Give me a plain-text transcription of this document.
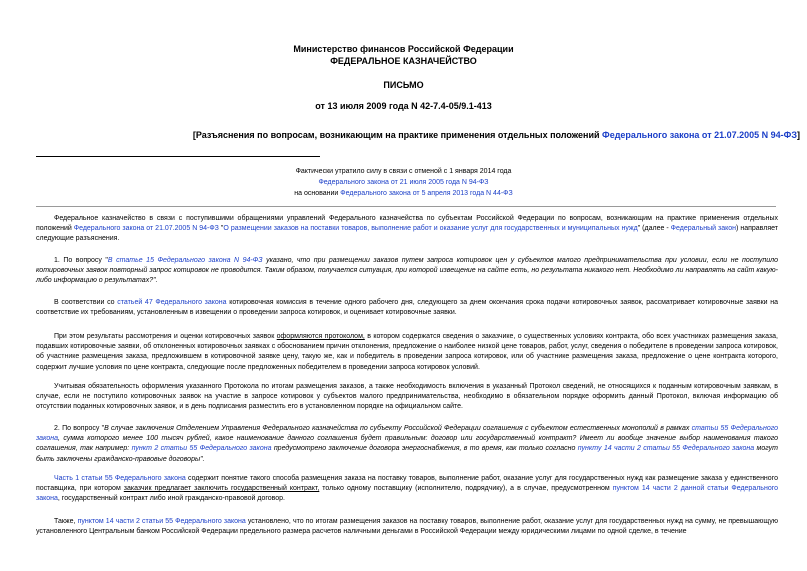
Министерство финансов Российской Федерации
ФЕДЕРАЛЬНОЕ КАЗНАЧЕЙСТВО
ПИСЬМО
от 13 июля 2009 года N 42-7.4-05/9.1-413
[Разъяснения по вопросам, возникающим на практике применения отдельных положений Федерального закона от 21.07.2005 N 94-ФЗ]
Фактически утратило силу в связи с отменой с 1 января 2014 года
Федерального закона от 21 июля 2005 года N 94-ФЗ
на основании Федерального закона от 5 апреля 2013 года N 44-ФЗ

Федеральное казначейство в связи с поступившими обращениями управлений Федерального казначейства по субъектам Российской Федерации по вопросам, возникающим на практике применения отдельных положений Федерального закона от 21.07.2005 N 94-ФЗ "О размещении заказов на поставки товаров, выполнение работ и оказание услуг для государственных и муниципальных нужд" (далее - Федеральный закон) направляет следующие разъяснения.

1. По вопросу "В статье 15 Федерального закона N 94-ФЗ указано, что при размещении заказов путем запроса котировок цен у субъектов малого предпринимательства при условии, если не поступило котировочных заявок повторный запрос котировок не проводится. Таким образом, получается ситуация, при которой извещение на сайте есть, но результата никакого нет. Необходимо ли направлять на сайт какую-либо информацию о результатах?".

В соответствии со статьей 47 Федерального закона котировочная комиссия в течение одного рабочего дня, следующего за днем окончания срока подачи котировочных заявок, рассматривает котировочные заявки на соответствие их требованиям, установленным в извещении о проведении запроса котировок, и оценивает котировочные заявки.

При этом результаты рассмотрения и оценки котировочных заявок оформляются протоколом, в котором содержатся сведения о заказчике, о существенных условиях контракта, обо всех участниках размещения заказа, подавших котировочные заявки, об отклоненных котировочных заявках с обоснованием причин отклонения, предложение о наиболее низкой цене товаров, работ, услуг, сведения о победителе в проведении запроса котировок, об участнике размещения заказа, предложившем в котировочной заявке цену, такую же, как и победитель в проведении запроса котировок, или об участнике размещения заказа, предложение о цене контракта которого, содержит лучшие условия по цене контракта, следующие после предложенных победителем в проведении запроса котировок условий.

Учитывая обязательность оформления указанного Протокола по итогам размещения заказов, а также необходимость включения в указанный Протокол сведений, не относящихся к поданным котировочным заявкам, в случае, если не поступило котировочных заявок на участие в запросе котировок у субъектов малого предпринимательства, необходимо в обязательном порядке оформить данный Протокол, включая информацию об отсутствии поданных котировочных заявок, и в день подписания разместить его в установленном порядке на официальном сайте.

2. По вопросу "В случае заключения Отделением Управления Федерального казначейства по субъекту Российской Федерации соглашения с субъектом естественных монополий в рамках статьи 55 Федерального закона, сумма которого менее 100 тысяч рублей, какое наименование данного соглашения будет правильным: договор или государственный контракт? Имеет ли вообще значение выбор наименования такого соглашения, так например: пункт 2 статьи 55 Федерального закона предусмотрено заключение договора энергоснабжения, в то время, как только согласно пункту 14 части 2 статьи 55 Федерального закона могут быть заключены гражданско-правовые договоры".

Часть 1 статьи 55 Федерального закона содержит понятие такого способа размещения заказа на поставку товаров, выполнение работ, оказание услуг для государственных нужд как размещение заказа у единственного поставщика, при котором заказчик предлагает заключить государственный контракт, только одному поставщику (исполнителю, подрядчику), а в случае, предусмотренном пунктом 14 части 2 данной статьи Федерального закона, государственный контракт либо иной гражданско-правовой договор.

Также, пунктом 14 части 2 статьи 55 Федерального закона установлено, что по итогам размещения заказов на поставку товаров, выполнение работ, оказание услуг для государственных нужд на сумму, не превышающую установленного Центральным банком Российской Федерации предельного размера расчетов наличными деньгами в Российской Федерации между юридическими лицами по одной сделке, в течение
